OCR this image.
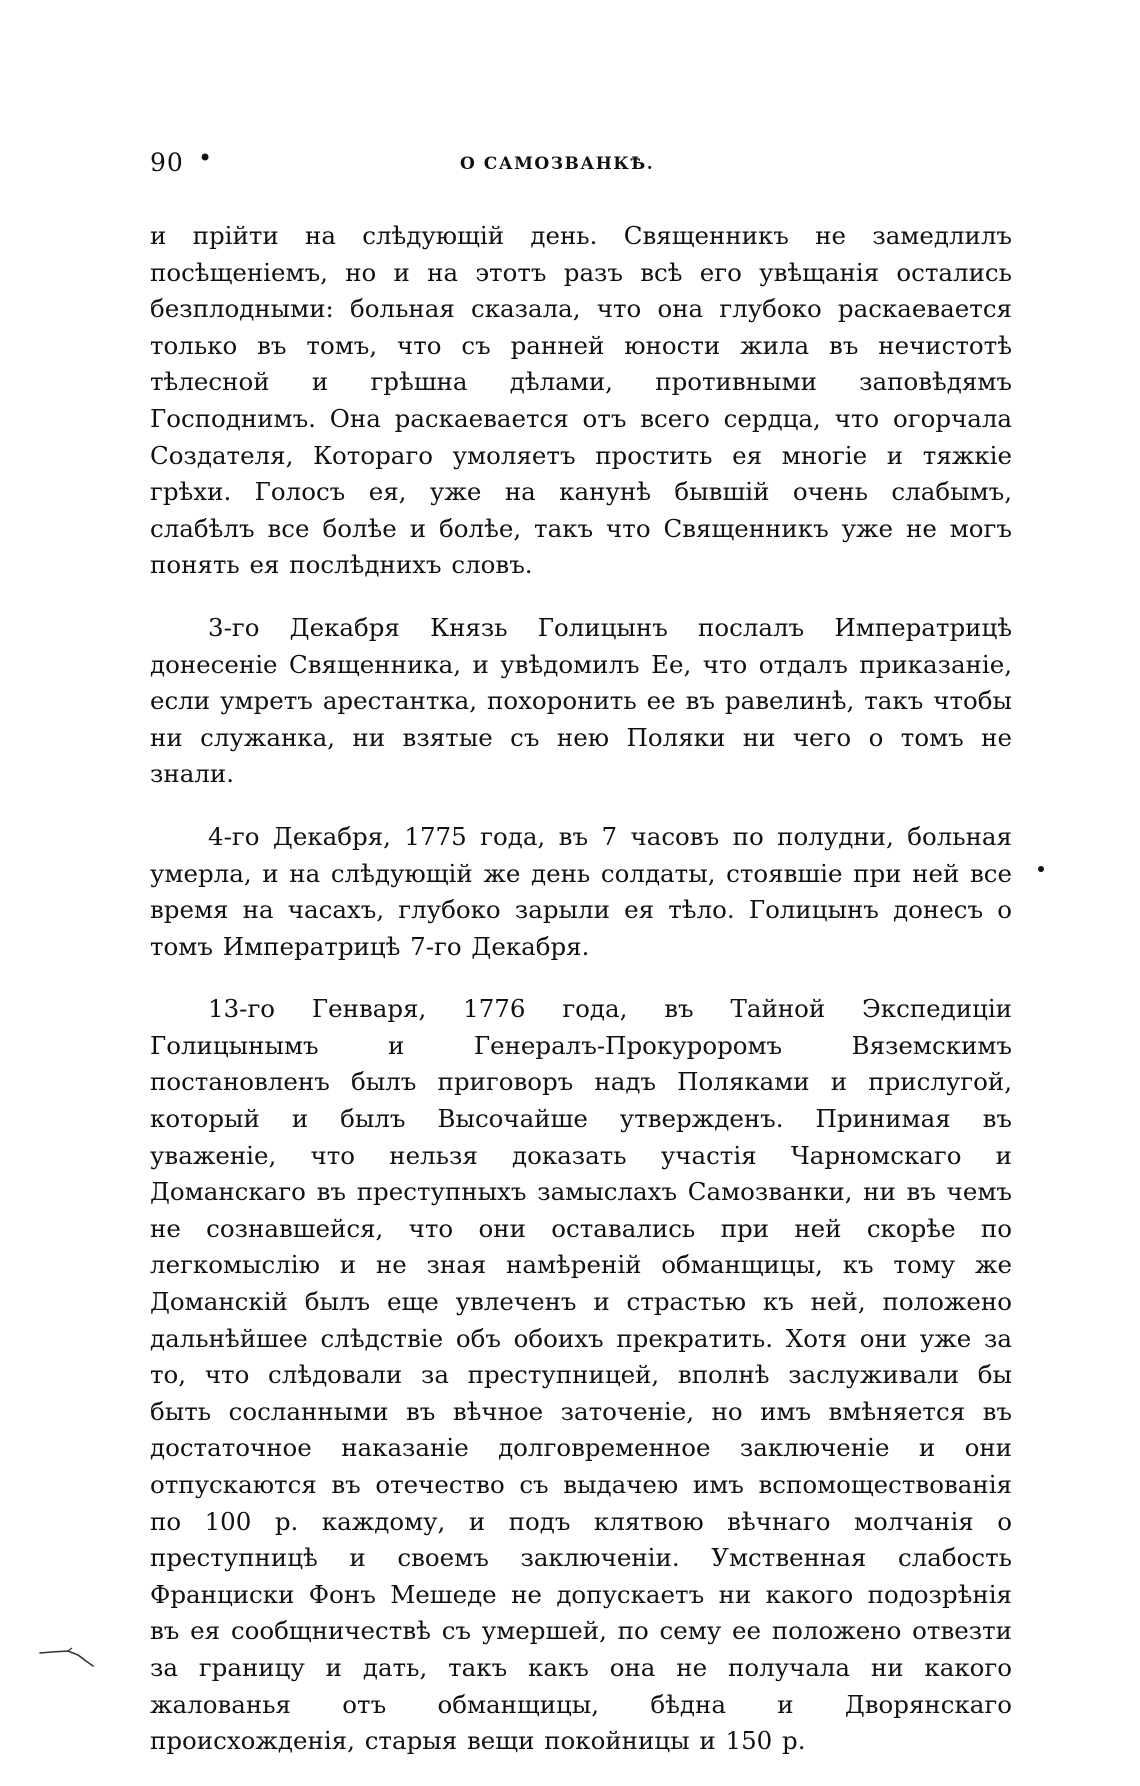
90 •	О САМОЗВАНКѢ.

и прійти на слѣдующій день. Священникъ не замедлилъ посѣщеніемъ, но и на этотъ разъ всѣ его увѣщанія остались безплодными: больная сказала, что она глубоко раскаевается только въ томъ, что съ ранней юности жила въ нечистотѣ тѣлесной и грѣшна дѣлами, противными заповѣдямъ Господнимъ. Она раскаевается отъ всего сердца, что огорчала Создателя, Котораго умоляетъ простить ея многіе и тяжкіе грѣхи. Голосъ ея, уже на канунѣ бывшій очень слабымъ, слабѣлъ все болѣе и болѣе, такъ что Священникъ уже не могъ понять ея послѣднихъ словъ.

3-го Декабря Князь Голицынъ послалъ Императрицѣ донесеніе Священника, и увѣдомилъ Ее, что отдалъ приказаніе, если умретъ арестантка, похоронить ее въ равелинѣ, такъ чтобы ни служанка, ни взятые съ нею Поляки ни чего о томъ не знали.

4-го Декабря, 1775 года, въ 7 часовъ по полудни, больная умерла, и на слѣдующій же день солдаты, стоявшіе при ней все время на часахъ, глубоко зарыли ея тѣло. Голицынъ донесъ о томъ Императрицѣ 7-го Декабря.

13-го Генваря, 1776 года, въ Тайной Экспедиціи Голицынымъ и Генералъ-Прокуроромъ Вяземскимъ постановленъ былъ приговоръ надъ Поляками и прислугой, который и былъ Высочайше утвержденъ. Принимая въ уваженіе, что нельзя доказать участія Чарномскаго и Доманскаго въ преступныхъ замыслахъ Самозванки, ни въ чемъ не сознавшейся, что они оставались при ней скорѣе по легкомыслію и не зная намѣреній обманщицы, къ тому же Доманскій былъ еще увлеченъ и страстью къ ней, положено дальнѣйшее слѣдствіе объ обоихъ прекратить. Хотя они уже за то, что слѣдовали за преступницей, вполнѣ заслуживали бы быть сосланными въ вѣчное заточеніе, но имъ вмѣняется въ достаточное наказаніе долговременное заключеніе и они отпускаются въ отечество съ выдачею имъ вспомоществованія по 100 р. каждому, и подъ клятвою вѣчнаго молчанія о преступницѣ и своемъ заключеніи. Умственная слабость Франциски Фонъ Мешеде не допускаетъ ни какого подозрѣнія въ ея сообщничествѣ съ умершей, по сему ее положено отвезти за границу и дать, такъ какъ она не получала ни какого жалованья отъ обманщицы, бѣдна и Дворянскаго происхожденія, старыя вещи покойницы и 150 р.
